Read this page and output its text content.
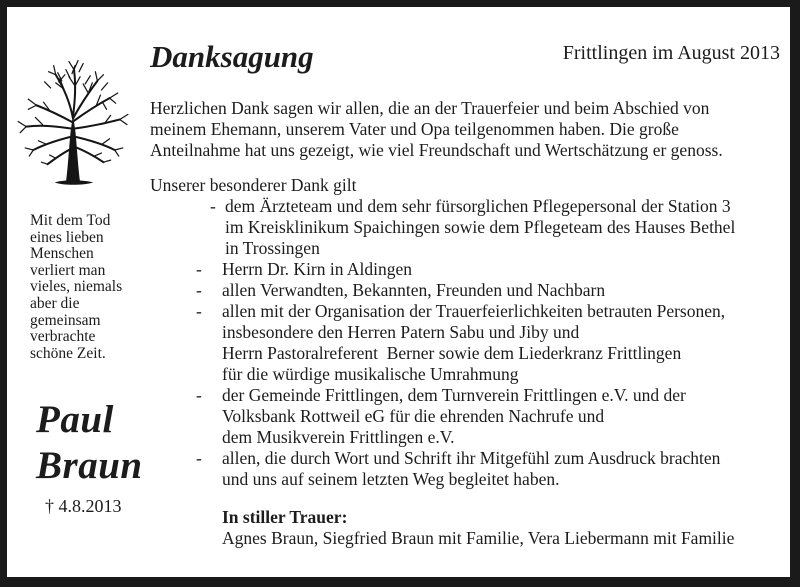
Mit dem Tod
eines lieben
Menschen
verliert man
vieles, niemals
aber die
gemeinsam
verbrachte
schöne Zeit.
Paul
Braun
† 4.8.2013
Danksagung	Frittlingen im August 2013
Herzlichen Dank sagen wir allen, die an der Trauerfeier und beim Abschied von
meinem Ehemann, unserem Vater und Opa teilgenommen haben. Die große
Anteilnahme hat uns gezeigt, wie viel Freundschaft und Wertschätzung er genoss.
Unserer besonderer Dank gilt
- dem Ärzteteam und dem sehr fürsorglichen Pflegepersonal der Station 3
im Kreisklinikum Spaichingen sowie dem Pflegeteam des Hauses Bethel
in Trossingen
-	Herrn Dr. Kirn in Aldingen
-	allen Verwandten, Bekannten, Freunden und Nachbarn
-	allen mit der Organisation der Trauerfeierlichkeiten betrauten Personen,
insbesondere den Herren Patern Sabu und Jiby und
Herrn Pastoralreferent  Berner sowie dem Liederkranz Frittlingen
für die würdige musikalische Umrahmung
-	der Gemeinde Frittlingen, dem Turnverein Frittlingen e.V. und der
Volksbank Rottweil eG für die ehrenden Nachrufe und
dem Musikverein Frittlingen e.V.
-	allen, die durch Wort und Schrift ihr Mitgefühl zum Ausdruck brachten
und uns auf seinem letzten Weg begleitet haben.
In stiller Trauer:
Agnes Braun, Siegfried Braun mit Familie, Vera Liebermann mit Familie
